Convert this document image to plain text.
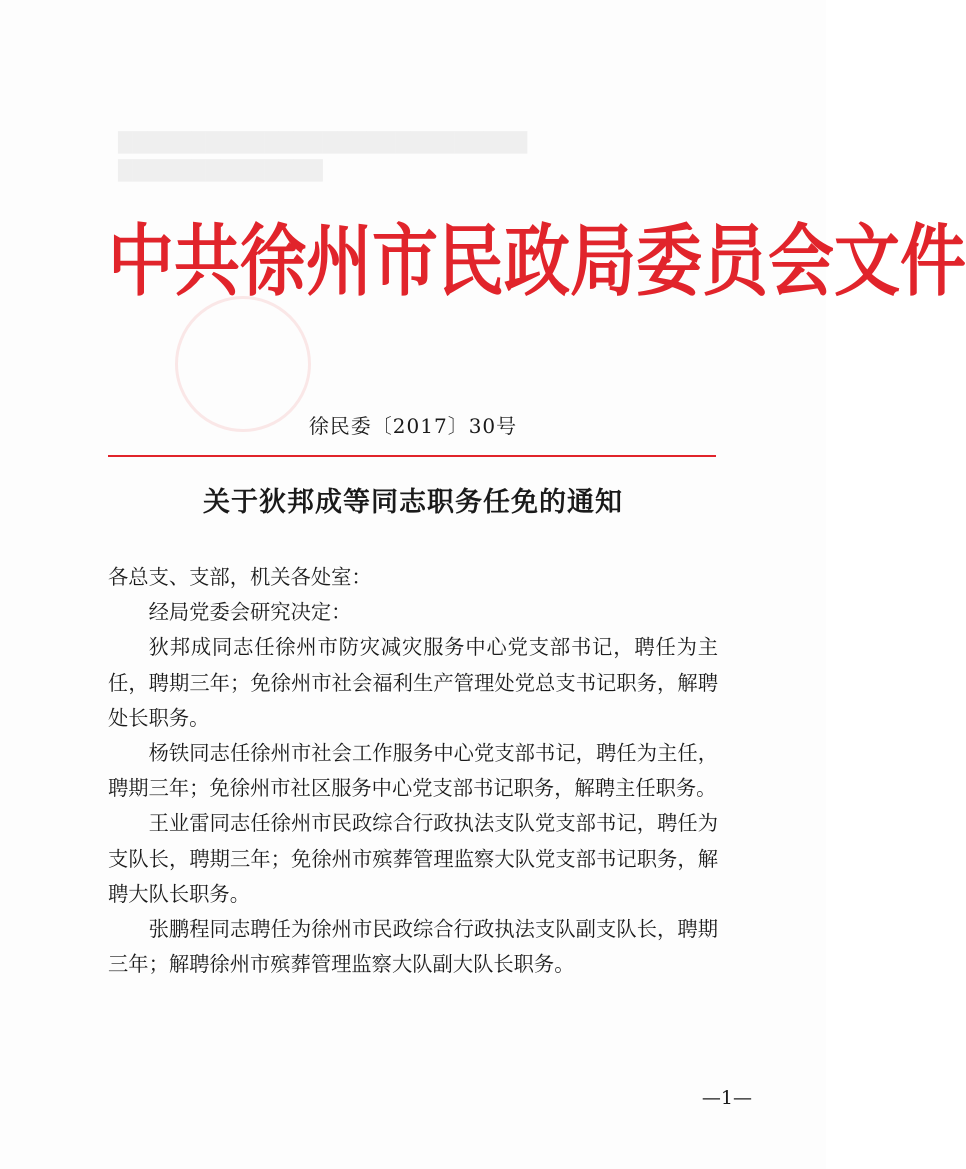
████████████████████████████
██████████████
中共徐州市民政局委员会文件
徐民委〔2017〕30号
关于狄邦成等同志职务任免的通知

各总支、支部，机关各处室：

经局党委会研究决定：

狄邦成同志任徐州市防灾减灾服务中心党支部书记，聘任为主任，聘期三年；免徐州市社会福利生产管理处党总支书记职务，解聘处长职务。

杨铁同志任徐州市社会工作服务中心党支部书记，聘任为主任，聘期三年；免徐州市社区服务中心党支部书记职务，解聘主任职务。

王业雷同志任徐州市民政综合行政执法支队党支部书记，聘任为支队长，聘期三年；免徐州市殡葬管理监察大队党支部书记职务，解聘大队长职务。

张鹏程同志聘任为徐州市民政综合行政执法支队副支队长，聘期三年；解聘徐州市殡葬管理监察大队副大队长职务。

—1—
